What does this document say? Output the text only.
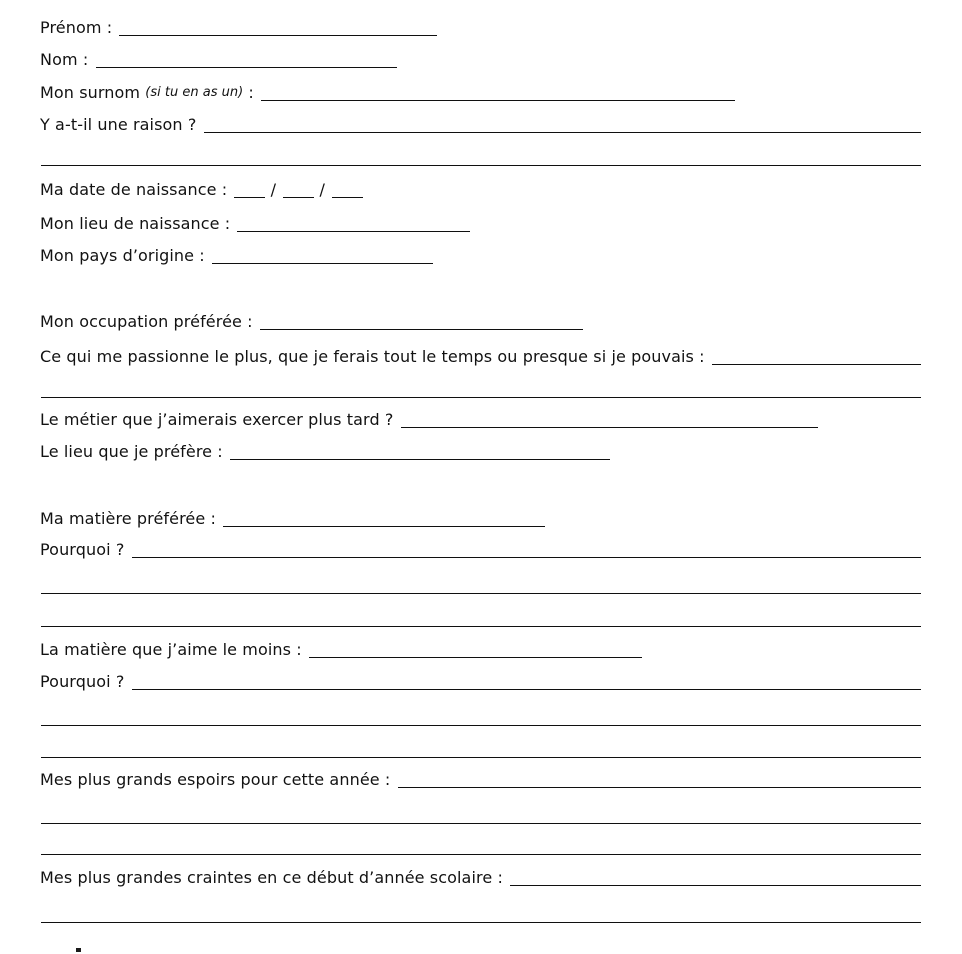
Prénom :
Nom :
Mon surnom (si tu en as un) :
Y a-t-il une raison ?
Ma date de naissance : / /
Mon lieu de naissance :
Mon pays d’origine :
Mon occupation préférée :
Ce qui me passionne le plus, que je ferais tout le temps ou presque si je pouvais :
Le métier que j’aimerais exercer plus tard ?
Le lieu que je préfère :
Ma matière préférée :
Pourquoi ?
La matière que j’aime le moins :
Pourquoi ?
Mes plus grands espoirs pour cette année :
Mes plus grandes craintes en ce début d’année scolaire :
